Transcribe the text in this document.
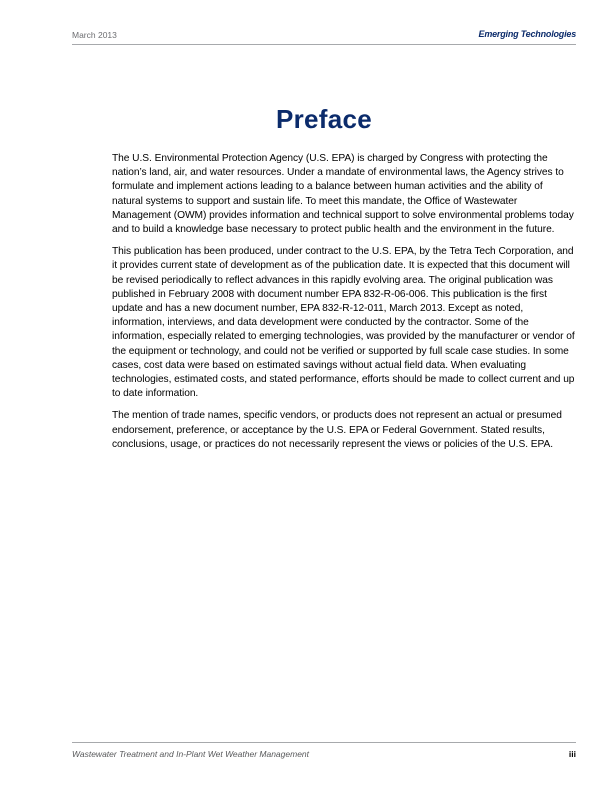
March 2013	Emerging Technologies
Preface

The U.S. Environmental Protection Agency (U.S. EPA) is charged by Congress with protecting the nation’s land, air, and water resources. Under a mandate of environmental laws, the Agency strives to formulate and implement actions leading to a balance between human activities and the ability of natural systems to support and sustain life. To meet this mandate, the Office of Wastewater Management (OWM) provides information and technical support to solve environmental problems today and to build a knowledge base necessary to protect public health and the environment in the future.

This publication has been produced, under contract to the U.S. EPA, by the Tetra Tech Corporation, and it provides current state of development as of the publication date. It is expected that this document will be revised periodically to reflect advances in this rapidly evolving area. The original publication was published in February 2008 with document number EPA 832-R-06-006. This publication is the first update and has a new document number, EPA 832-R-12-011, March 2013. Except as noted, information, interviews, and data development were conducted by the contractor. Some of the information, especially related to emerging technologies, was provided by the manufacturer or vendor of the equipment or technology, and could not be verified or supported by full scale case studies. In some cases, cost data were based on estimated savings without actual field data. When evaluating technologies, estimated costs, and stated performance, efforts should be made to collect current and up to date information.

The mention of trade names, specific vendors, or products does not represent an actual or presumed endorsement, preference, or acceptance by the U.S. EPA or Federal Government. Stated results, conclusions, usage, or practices do not necessarily represent the views or policies of the U.S. EPA.

Wastewater Treatment and In-Plant Wet Weather Management	iii
